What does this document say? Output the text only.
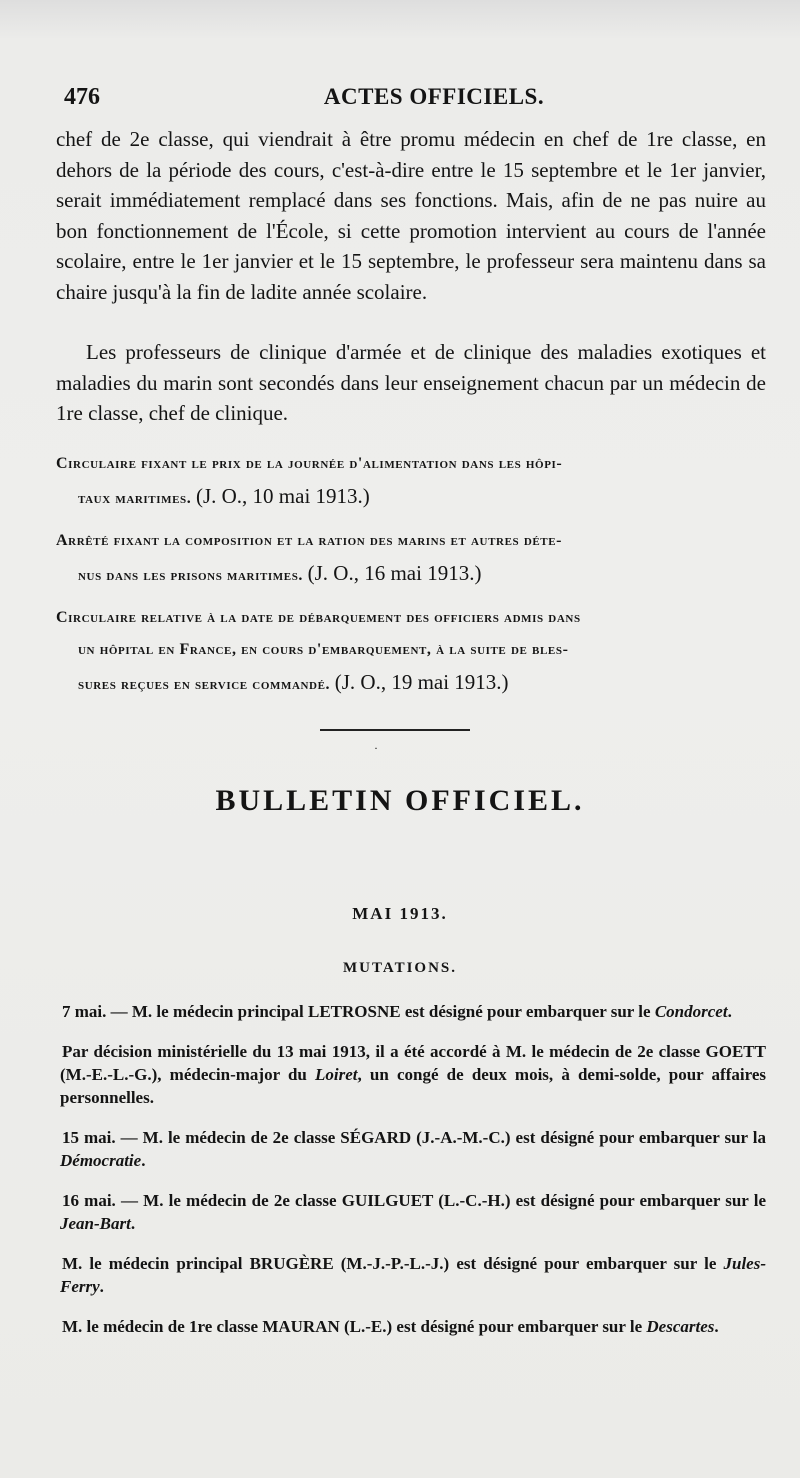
476	ACTES OFFICIELS.

chef de 2e classe, qui viendrait à être promu médecin en chef de 1re classe, en dehors de la période des cours, c'est-à-dire entre le 15 septembre et le 1er janvier, serait immédiatement remplacé dans ses fonctions. Mais, afin de ne pas nuire au bon fonctionnement de l'École, si cette promotion intervient au cours de l'année scolaire, entre le 1er janvier et le 15 septembre, le professeur sera maintenu dans sa chaire jusqu'à la fin de ladite année scolaire.

Les professeurs de clinique d'armée et de clinique des maladies exotiques et maladies du marin sont secondés dans leur enseignement chacun par un médecin de 1re classe, chef de clinique.

Circulaire fixant le prix de la journée d'alimentation dans les hôpi-
taux maritimes. (J. O., 10 mai 1913.)
Arrêté fixant la composition et la ration des marins et autres déte-
nus dans les prisons maritimes. (J. O., 16 mai 1913.)
Circulaire relative à la date de débarquement des officiers admis dans
un hôpital en France, en cours d'embarquement, à la suite de bles-
sures reçues en service commandé. (J. O., 19 mai 1913.)
·
BULLETIN OFFICIEL.
MAI 1913.
MUTATIONS.

7 mai. — M. le médecin principal LETROSNE est désigné pour embarquer sur le Condorcet.

Par décision ministérielle du 13 mai 1913, il a été accordé à M. le médecin de 2e classe GOETT (M.-E.-L.-G.), médecin-major du Loiret, un congé de deux mois, à demi-solde, pour affaires personnelles.

15 mai. — M. le médecin de 2e classe SÉGARD (J.-A.-M.-C.) est désigné pour embarquer sur la Démocratie.

16 mai. — M. le médecin de 2e classe GUILGUET (L.-C.-H.) est désigné pour embarquer sur le Jean-Bart.

M. le médecin principal BRUGÈRE (M.-J.-P.-L.-J.) est désigné pour embarquer sur le Jules-Ferry.

M. le médecin de 1re classe MAURAN (L.-E.) est désigné pour embarquer sur le Descartes.
